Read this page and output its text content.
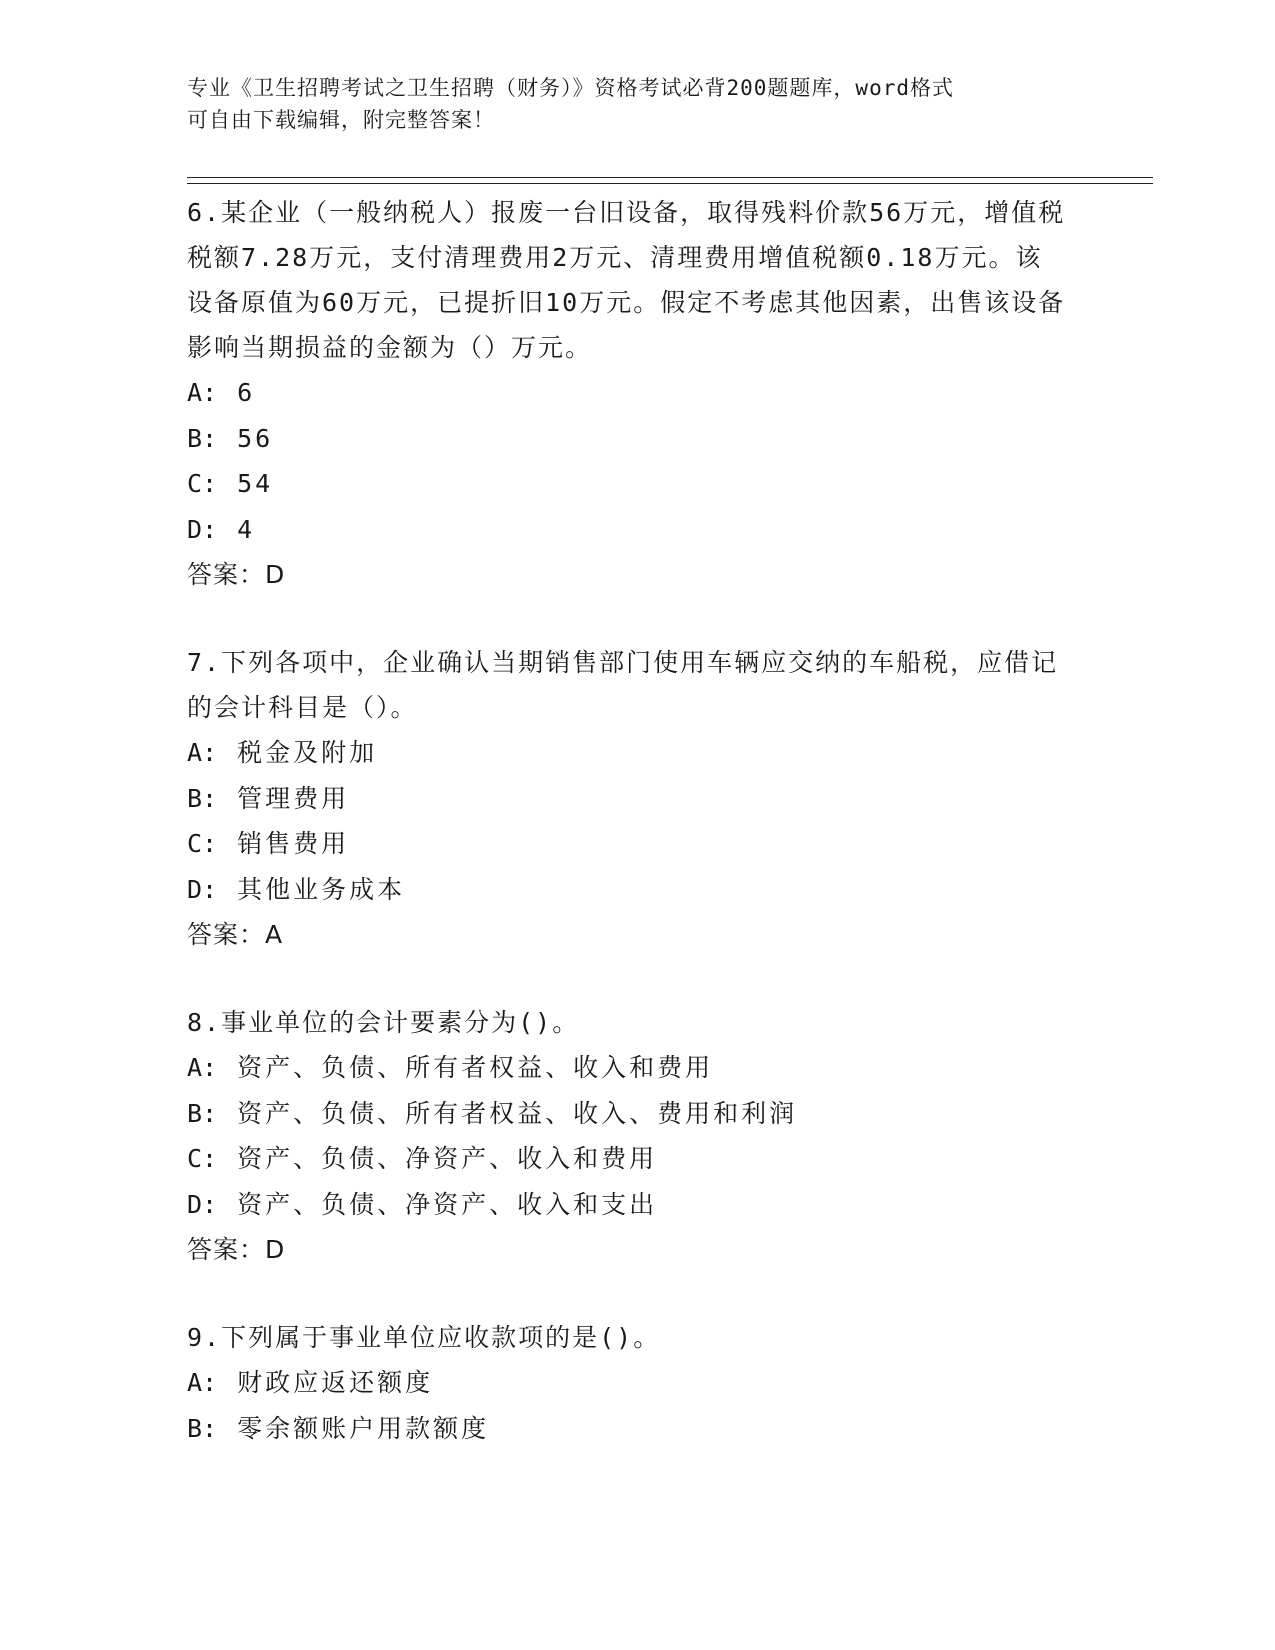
专业《卫生招聘考试之卫生招聘（财务）》资格考试必背200题题库，word格式
可自由下载编辑，附完整答案！
6.某企业（一般纳税人）报废一台旧设备，取得残料价款56万元，增值税税额7.28万元，支付清理费用2万元、清理费用增值税额0.18万元。该设备原值为60万元，已提折旧10万元。假定不考虑其他因素，出售该设备影响当期损益的金额为（）万元。
A: 6
B: 56
C: 54
D: 4
答案：D
7.下列各项中，企业确认当期销售部门使用车辆应交纳的车船税，应借记的会计科目是（）。
A: 税金及附加
B: 管理费用
C: 销售费用
D: 其他业务成本
答案：A
8.事业单位的会计要素分为()。
A: 资产、负债、所有者权益、收入和费用
B: 资产、负债、所有者权益、收入、费用和利润
C: 资产、负债、净资产、收入和费用
D: 资产、负债、净资产、收入和支出
答案：D
9.下列属于事业单位应收款项的是()。
A: 财政应返还额度
B: 零余额账户用款额度
